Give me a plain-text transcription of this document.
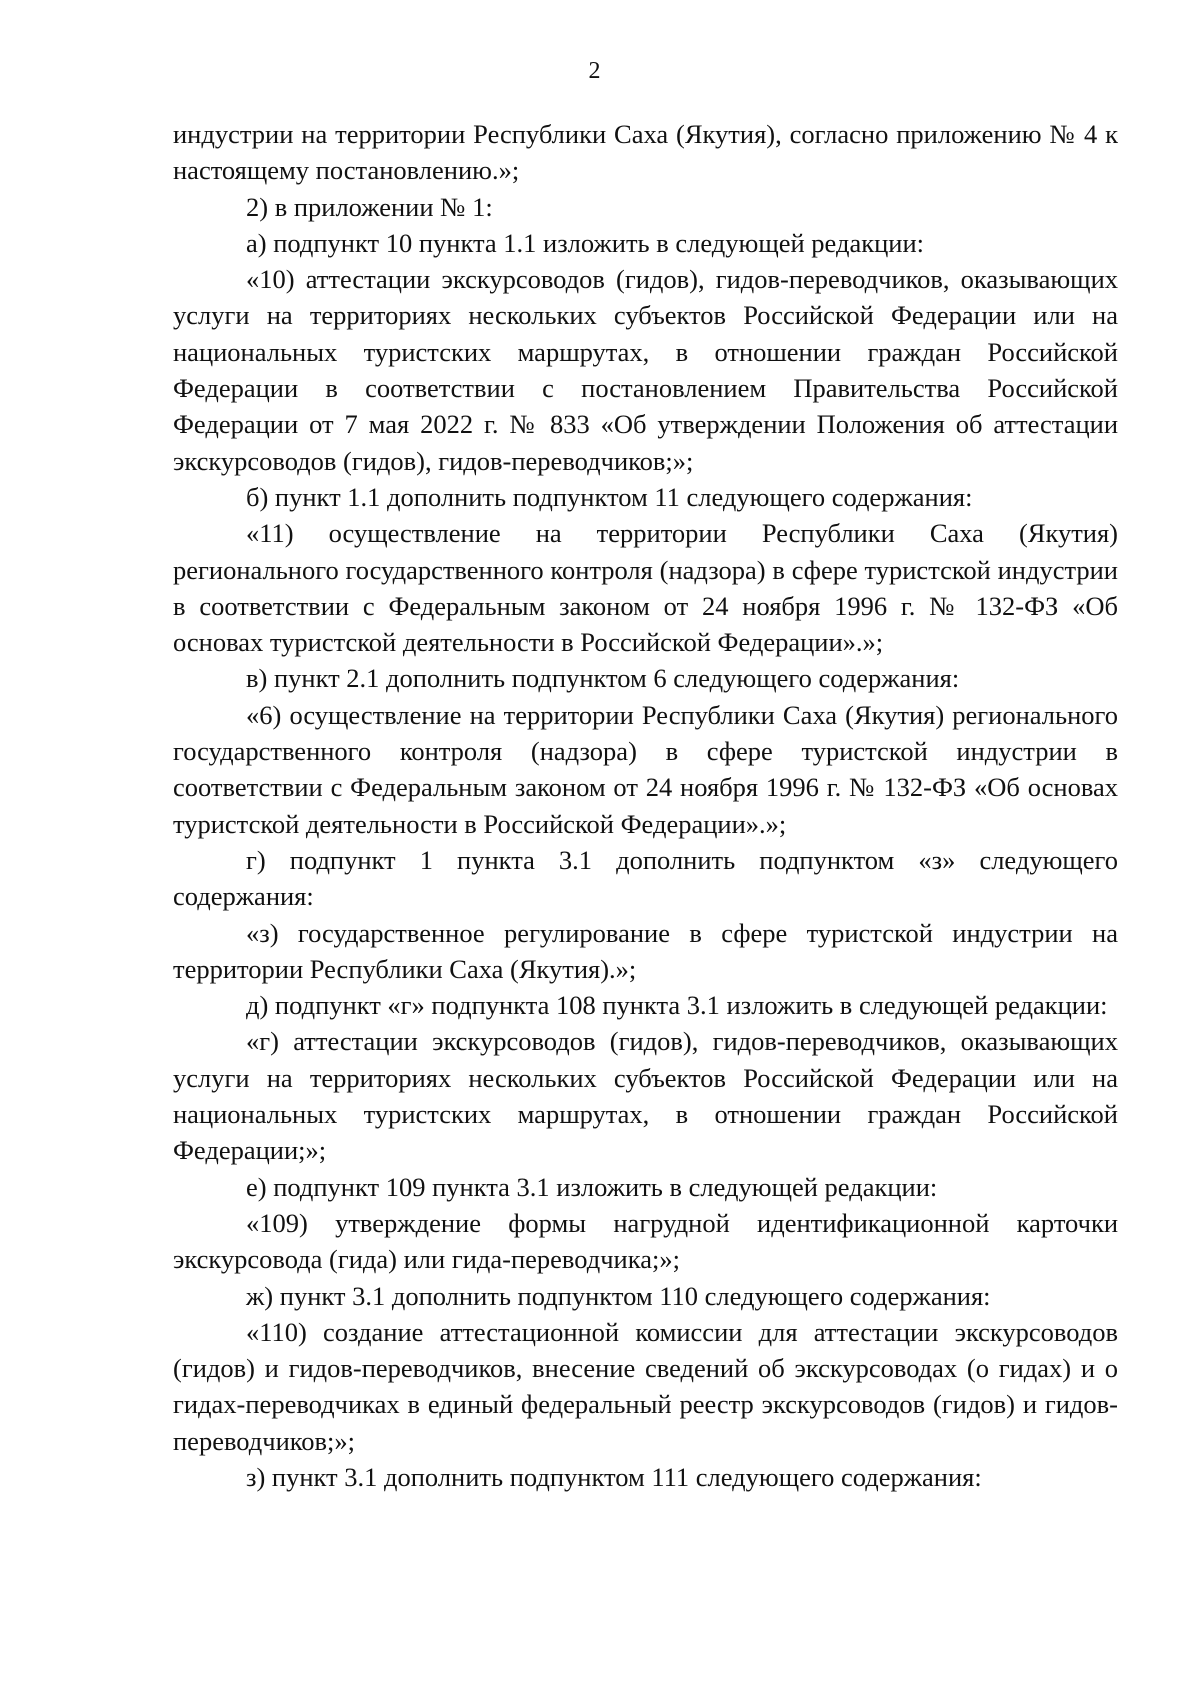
2

индустрии на территории Республики Саха (Якутия), согласно приложению № 4 к настоящему постановлению.»;

2) в приложении № 1:

а) подпункт 10 пункта 1.1 изложить в следующей редакции:

«10) аттестации экскурсоводов (гидов), гидов-переводчиков, оказывающих услуги на территориях нескольких субъектов Российской Федерации или на национальных туристских маршрутах, в отношении граждан Российской Федерации в соответствии с постановлением Правительства Российской Федерации от 7 мая 2022 г. № 833 «Об утверждении Положения об аттестации экскурсоводов (гидов), гидов-переводчиков;»;

б) пункт 1.1 дополнить подпунктом 11 следующего содержания:

«11) осуществление на территории Республики Саха (Якутия) регионального государственного контроля (надзора) в сфере туристской индустрии в соответствии с Федеральным законом от 24 ноября 1996 г. № 132-ФЗ «Об основах туристской деятельности в Российской Федерации».»;

в) пункт 2.1 дополнить подпунктом 6 следующего содержания:

«6) осуществление на территории Республики Саха (Якутия) регионального государственного контроля (надзора) в сфере туристской индустрии в соответствии с Федеральным законом от 24 ноября 1996 г. № 132-ФЗ «Об основах туристской деятельности в Российской Федерации».»;

г) подпункт 1 пункта 3.1 дополнить подпунктом «з» следующего содержания:

«з) государственное регулирование в сфере туристской индустрии на территории Республики Саха (Якутия).»;

д) подпункт «г» подпункта 108 пункта 3.1 изложить в следующей редакции:

«г) аттестации экскурсоводов (гидов), гидов-переводчиков, оказывающих услуги на территориях нескольких субъектов Российской Федерации или на национальных туристских маршрутах, в отношении граждан Российской Федерации;»;

е) подпункт 109 пункта 3.1 изложить в следующей редакции:

«109) утверждение формы нагрудной идентификационной карточки экскурсовода (гида) или гида-переводчика;»;

ж) пункт 3.1 дополнить подпунктом 110 следующего содержания:

«110) создание аттестационной комиссии для аттестации экскурсоводов (гидов) и гидов-переводчиков, внесение сведений об экскурсоводах (о гидах) и о гидах-переводчиках в единый федеральный реестр экскурсоводов (гидов) и гидов-переводчиков;»;

з) пункт 3.1 дополнить подпунктом 111 следующего содержания:
